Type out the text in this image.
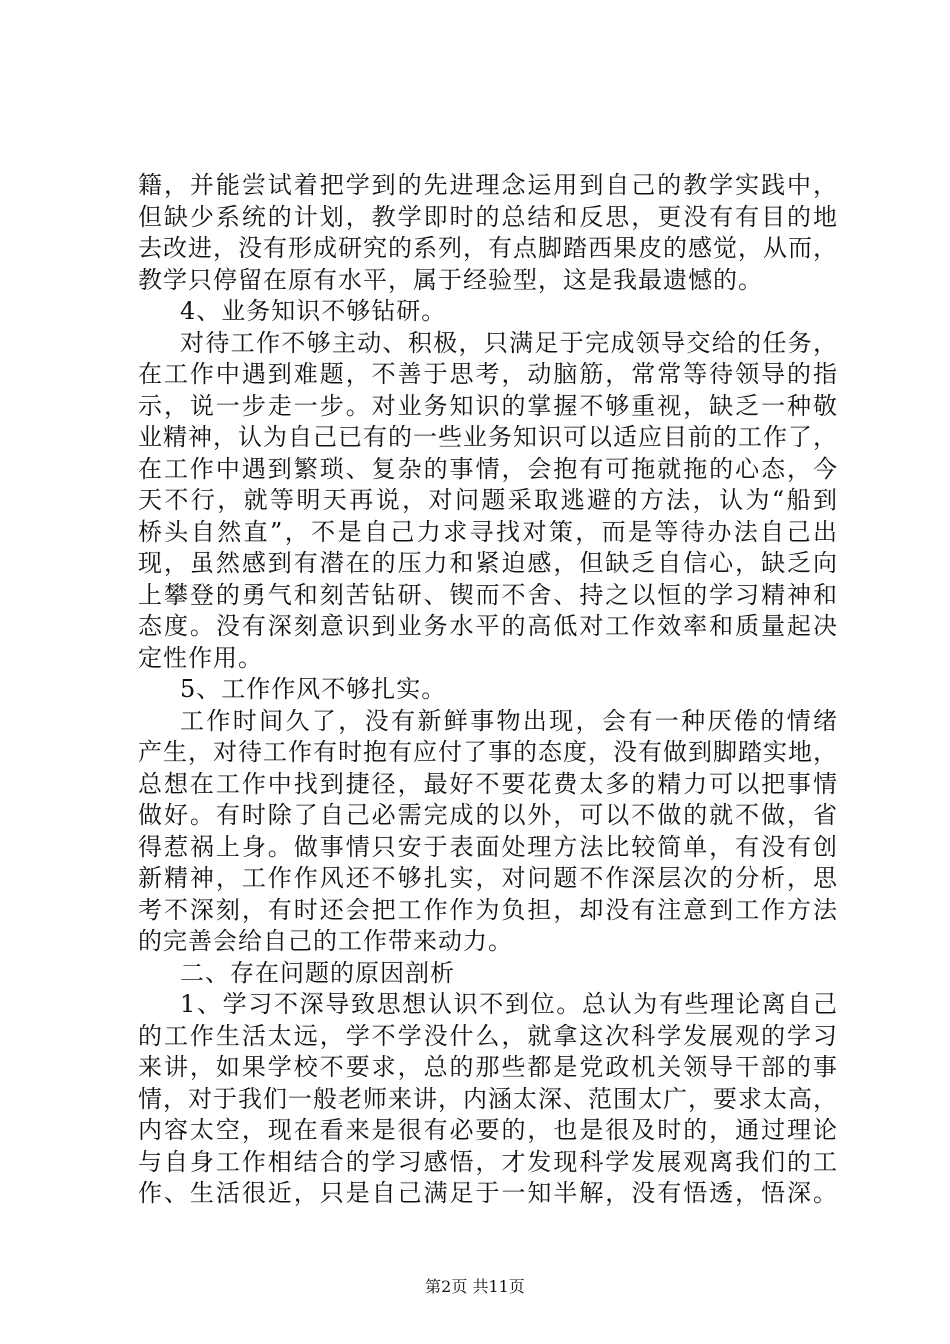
籍，并能尝试着把学到的先进理念运用到自己的教学实践中，
但缺少系统的计划，教学即时的总结和反思，更没有有目的地
去改进，没有形成研究的系列，有点脚踏西果皮的感觉，从而，
教学只停留在原有水平，属于经验型，这是我最遗憾的。
4、业务知识不够钻研。
对待工作不够主动、积极，只满足于完成领导交给的任务，
在工作中遇到难题，不善于思考，动脑筋，常常等待领导的指
示，说一步走一步。对业务知识的掌握不够重视，缺乏一种敬
业精神，认为自己已有的一些业务知识可以适应目前的工作了，
在工作中遇到繁琐、复杂的事情，会抱有可拖就拖的心态，今
天不行，就等明天再说，对问题采取逃避的方法，认为“船到
桥头自然直”，不是自己力求寻找对策，而是等待办法自己出
现，虽然感到有潜在的压力和紧迫感，但缺乏自信心，缺乏向
上攀登的勇气和刻苦钻研、锲而不舍、持之以恒的学习精神和
态度。没有深刻意识到业务水平的高低对工作效率和质量起决
定性作用。
5、工作作风不够扎实。
工作时间久了，没有新鲜事物出现，会有一种厌倦的情绪
产生，对待工作有时抱有应付了事的态度，没有做到脚踏实地，
总想在工作中找到捷径，最好不要花费太多的精力可以把事情
做好。有时除了自己必需完成的以外，可以不做的就不做，省
得惹祸上身。做事情只安于表面处理方法比较简单，有没有创
新精神，工作作风还不够扎实，对问题不作深层次的分析，思
考不深刻，有时还会把工作作为负担，却没有注意到工作方法
的完善会给自己的工作带来动力。
二、存在问题的原因剖析
1、学习不深导致思想认识不到位。总认为有些理论离自己
的工作生活太远，学不学没什么，就拿这次科学发展观的学习
来讲，如果学校不要求，总的那些都是党政机关领导干部的事
情，对于我们一般老师来讲，内涵太深、范围太广，要求太高，
内容太空，现在看来是很有必要的，也是很及时的，通过理论
与自身工作相结合的学习感悟，才发现科学发展观离我们的工
作、生活很近，只是自己满足于一知半解，没有悟透，悟深。
第2页 共11页
